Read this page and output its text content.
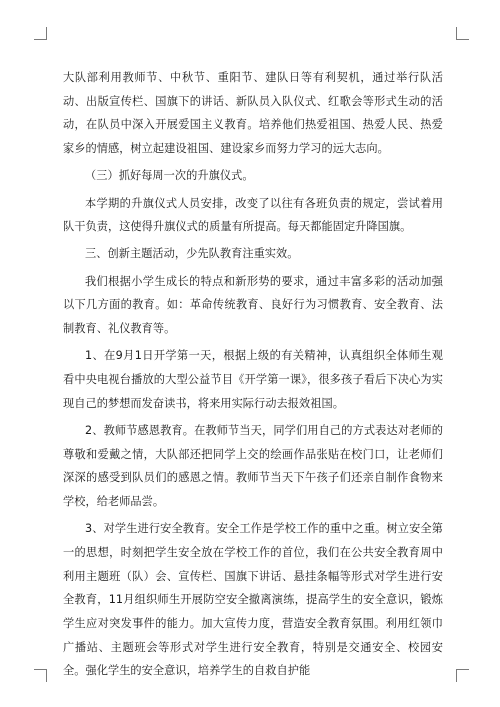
大队部利用教师节、中秋节、重阳节、建队日等有利契机，通过举行队活动、出版宣传栏、国旗下的讲话、新队员入队仪式、红歌会等形式生动的活动，在队员中深入开展爱国主义教育。培养他们热爱祖国、热爱人民、热爱家乡的情感，树立起建设祖国、建设家乡而努力学习的远大志向。

（三）抓好每周一次的升旗仪式。

本学期的升旗仪式人员安排，改变了以往有各班负责的规定，尝试着用队干负责，这使得升旗仪式的质量有所提高。每天都能固定升降国旗。

三、创新主题活动，少先队教育注重实效。

我们根据小学生成长的特点和新形势的要求，通过丰富多彩的活动加强以下几方面的教育。如：革命传统教育、良好行为习惯教育、安全教育、法制教育、礼仪教育等。

1、在9月1日开学第一天，根据上级的有关精神，认真组织全体师生观看中央电视台播放的大型公益节目《开学第一课》，很多孩子看后下决心为实现自己的梦想而发奋读书，将来用实际行动去报效祖国。

2、教师节感恩教育。在教师节当天，同学们用自己的方式表达对老师的尊敬和爱戴之情，大队部还把同学上交的绘画作品张贴在校门口，让老师们深深的感受到队员们的感恩之情。教师节当天下午孩子们还亲自制作食物来学校，给老师品尝。

3、对学生进行安全教育。安全工作是学校工作的重中之重。树立安全第一的思想，时刻把学生安全放在学校工作的首位，我们在公共安全教育周中利用主题班（队）会、宣传栏、国旗下讲话、悬挂条幅等形式对学生进行安全教育，11月组织师生开展防空安全撤离演练，提高学生的安全意识，锻炼学生应对突发事件的能力。加大宣传力度，营造安全教育氛围。利用红领巾广播站、主题班会等形式对学生进行安全教育，特别是交通安全、校园安全。强化学生的安全意识，培养学生的自救自护能
